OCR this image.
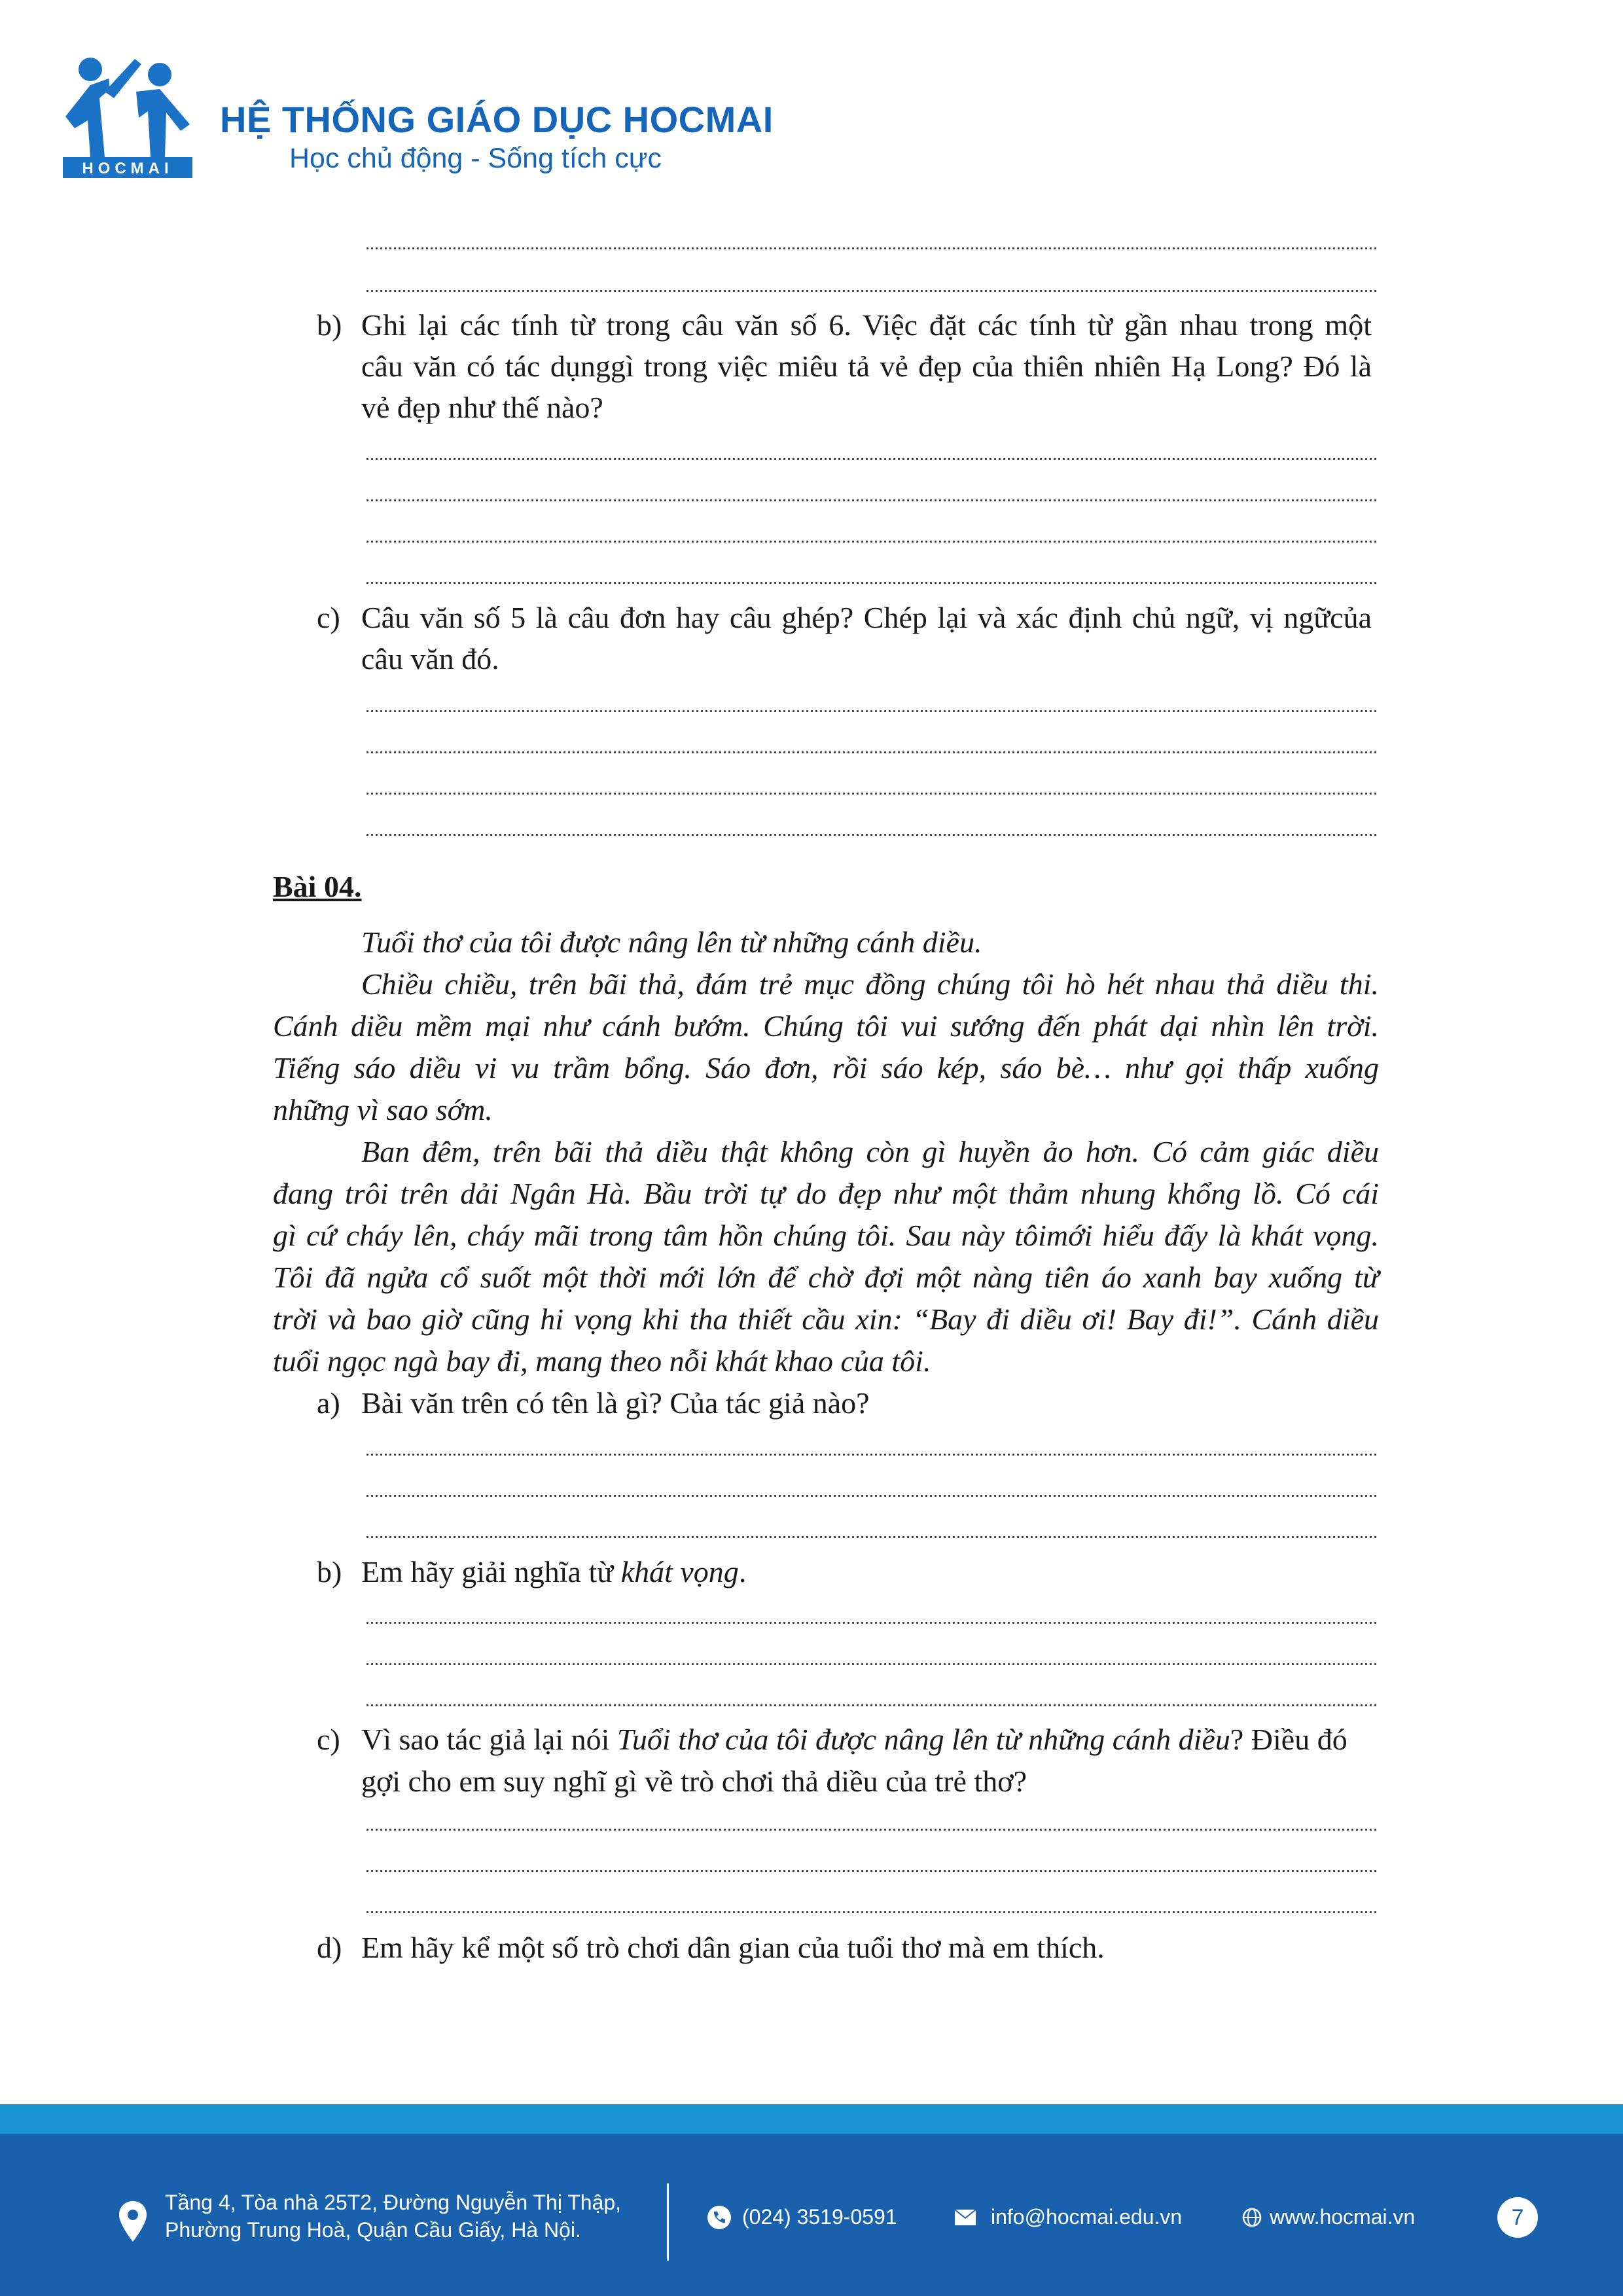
HOCMAI
HỆ THỐNG GIÁO DỤC HOCMAI
Học chủ động - Sống tích cực
b) Ghi lại các tính từ trong câu văn số 6. Việc đặt các tính từ gần nhau trong một
câu văn có tác dụnggì trong việc miêu tả vẻ đẹp của thiên nhiên Hạ Long? Đó là
vẻ đẹp như thế nào?
c) Câu văn số 5 là câu đơn hay câu ghép? Chép lại và xác định chủ ngữ, vị ngữcủa
câu văn đó.
Bài 04.
Tuổi thơ của tôi được nâng lên từ những cánh diều.
Chiều chiều, trên bãi thả, đám trẻ mục đồng chúng tôi hò hét nhau thả diều thi.
Cánh diều mềm mại như cánh bướm. Chúng tôi vui sướng đến phát dại nhìn lên trời.
Tiếng sáo diều vi vu trầm bổng. Sáo đơn, rồi sáo kép, sáo bè… như gọi thấp xuống
những vì sao sớm.
Ban đêm, trên bãi thả diều thật không còn gì huyền ảo hơn. Có cảm giác diều
đang trôi trên dải Ngân Hà. Bầu trời tự do đẹp như một thảm nhung khổng lồ. Có cái
gì cứ cháy lên, cháy mãi trong tâm hồn chúng tôi. Sau này tôimới hiểu đấy là khát vọng.
Tôi đã ngửa cổ suốt một thời mới lớn để chờ đợi một nàng tiên áo xanh bay xuống từ
trời và bao giờ cũng hi vọng khi tha thiết cầu xin: “Bay đi diều ơi! Bay đi!”. Cánh diều
tuổi ngọc ngà bay đi, mang theo nỗi khát khao của tôi.
a) Bài văn trên có tên là gì? Của tác giả nào?
b) Em hãy giải nghĩa từ khát vọng.
c) Vì sao tác giả lại nói Tuổi thơ của tôi được nâng lên từ những cánh diều? Điều đó
gợi cho em suy nghĩ gì về trò chơi thả diều của trẻ thơ?
d) Em hãy kể một số trò chơi dân gian của tuổi thơ mà em thích.
Tầng 4, Tòa nhà 25T2, Đường Nguyễn Thị Thập,
Phường Trung Hoà, Quận Cầu Giấy, Hà Nội.
(024) 3519-0591	info@hocmai.edu.vn	www.hocmai.vn	7
